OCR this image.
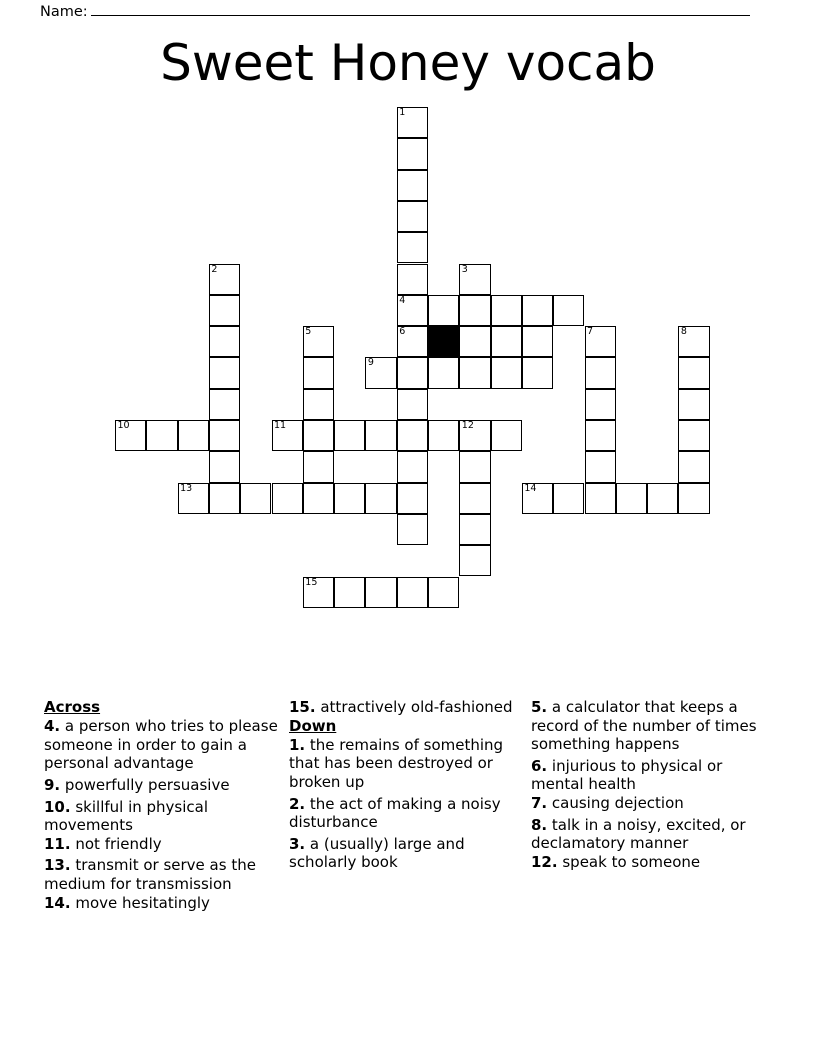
Name:
Sweet Honey vocab
1
2	3
4
5	6	7	8
9
10	11	12
13	14
15
Across
4. a person who tries to please someone in order to gain a personal advantage
9. powerfully persuasive
10. skillful in physical movements
11. not friendly
13. transmit or serve as the medium for transmission
14. move hesitatingly
15. attractively old-fashioned
Down
1. the remains of something that has been destroyed or broken up
2. the act of making a noisy disturbance
3. a (usually) large and scholarly book
5. a calculator that keeps a record of the number of times something happens
6. injurious to physical or mental health
7. causing dejection
8. talk in a noisy, excited, or declamatory manner
12. speak to someone
